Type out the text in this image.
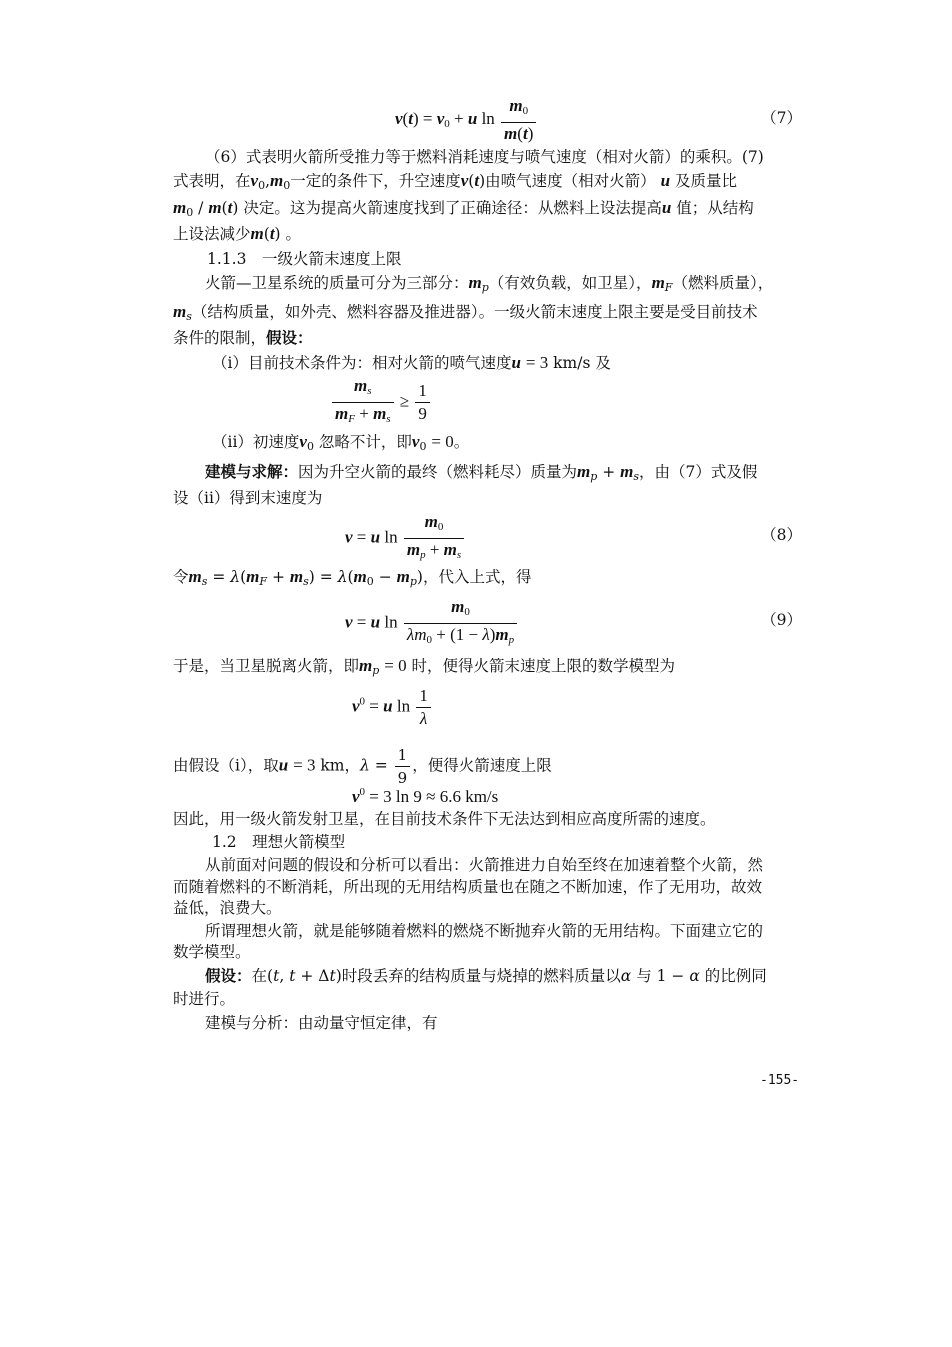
$v(t) = v_0 + u$ $\ln \frac{m_0}{m(t)}$	（7）
（6）式表明火箭所受推力等于燃料消耗速度与喷气速度（相对火箭）的乘积。(7)
式表明，在$v_0,m_0$一定的条件下，升空速度v(t)由喷气速度（相对火箭） u 及质量比
$m_0 / m(t)$ 决定。这为提高火箭速度找到了正确途径：从燃料上设法提高u 值；从结构
上设法减少m(t) 。
1.1.3　一级火箭末速度上限
火箭—卫星系统的质量可分为三部分：$m_p$（有效负载，如卫星），$m_F$（燃料质量），
$m_s$（结构质量，如外壳、燃料容器及推进器）。一级火箭末速度上限主要是受目前技术
条件的限制，假设：
（i）目前技术条件为：相对火箭的喷气速度u = 3 km/s 及
$\frac{m_s}{m_F + m_s} \ge \frac{1}{9}$
（ii）初速度$v_0$ 忽略不计，即$v_0 = 0$。
建模与求解：因为升空火箭的最终（燃料耗尽）质量为$m_p + m_s$，由（7）式及假
设（ii）得到末速度为
v = u $\ln \frac{m_0}{m_p + m_s}$	（8）
令$m_s = \lambda(m_F + m_s) = \lambda(m_0 - m_p)$，代入上式，得
v = u $\ln \frac{m_0}{\lambda m_0 + (1 - \lambda)m_p}$	（9）
于是，当卫星脱离火箭，即$m_p = 0$ 时，便得火箭末速度上限的数学模型为
$v^0 = u$ $\ln \frac{1}{\lambda}$
由假设（i），取u = 3 km，$\lambda = \frac{1}{9}$ ，便得火箭速度上限
$v^0 = 3$ ln 9 ≈ 6.6 km/s
因此，用一级火箭发射卫星，在目前技术条件下无法达到相应高度所需的速度。
1.2　理想火箭模型
从前面对问题的假设和分析可以看出：火箭推进力自始至终在加速着整个火箭，然
而随着燃料的不断消耗，所出现的无用结构质量也在随之不断加速，作了无用功，故效
益低，浪费大。
所谓理想火箭，就是能够随着燃料的燃烧不断抛弃火箭的无用结构。下面建立它的
数学模型。
假设：在(t, t + Δt)时段丢弃的结构质量与烧掉的燃料质量以α 与 1 − α 的比例同
时进行。
建模与分析：由动量守恒定律，有
-155-
